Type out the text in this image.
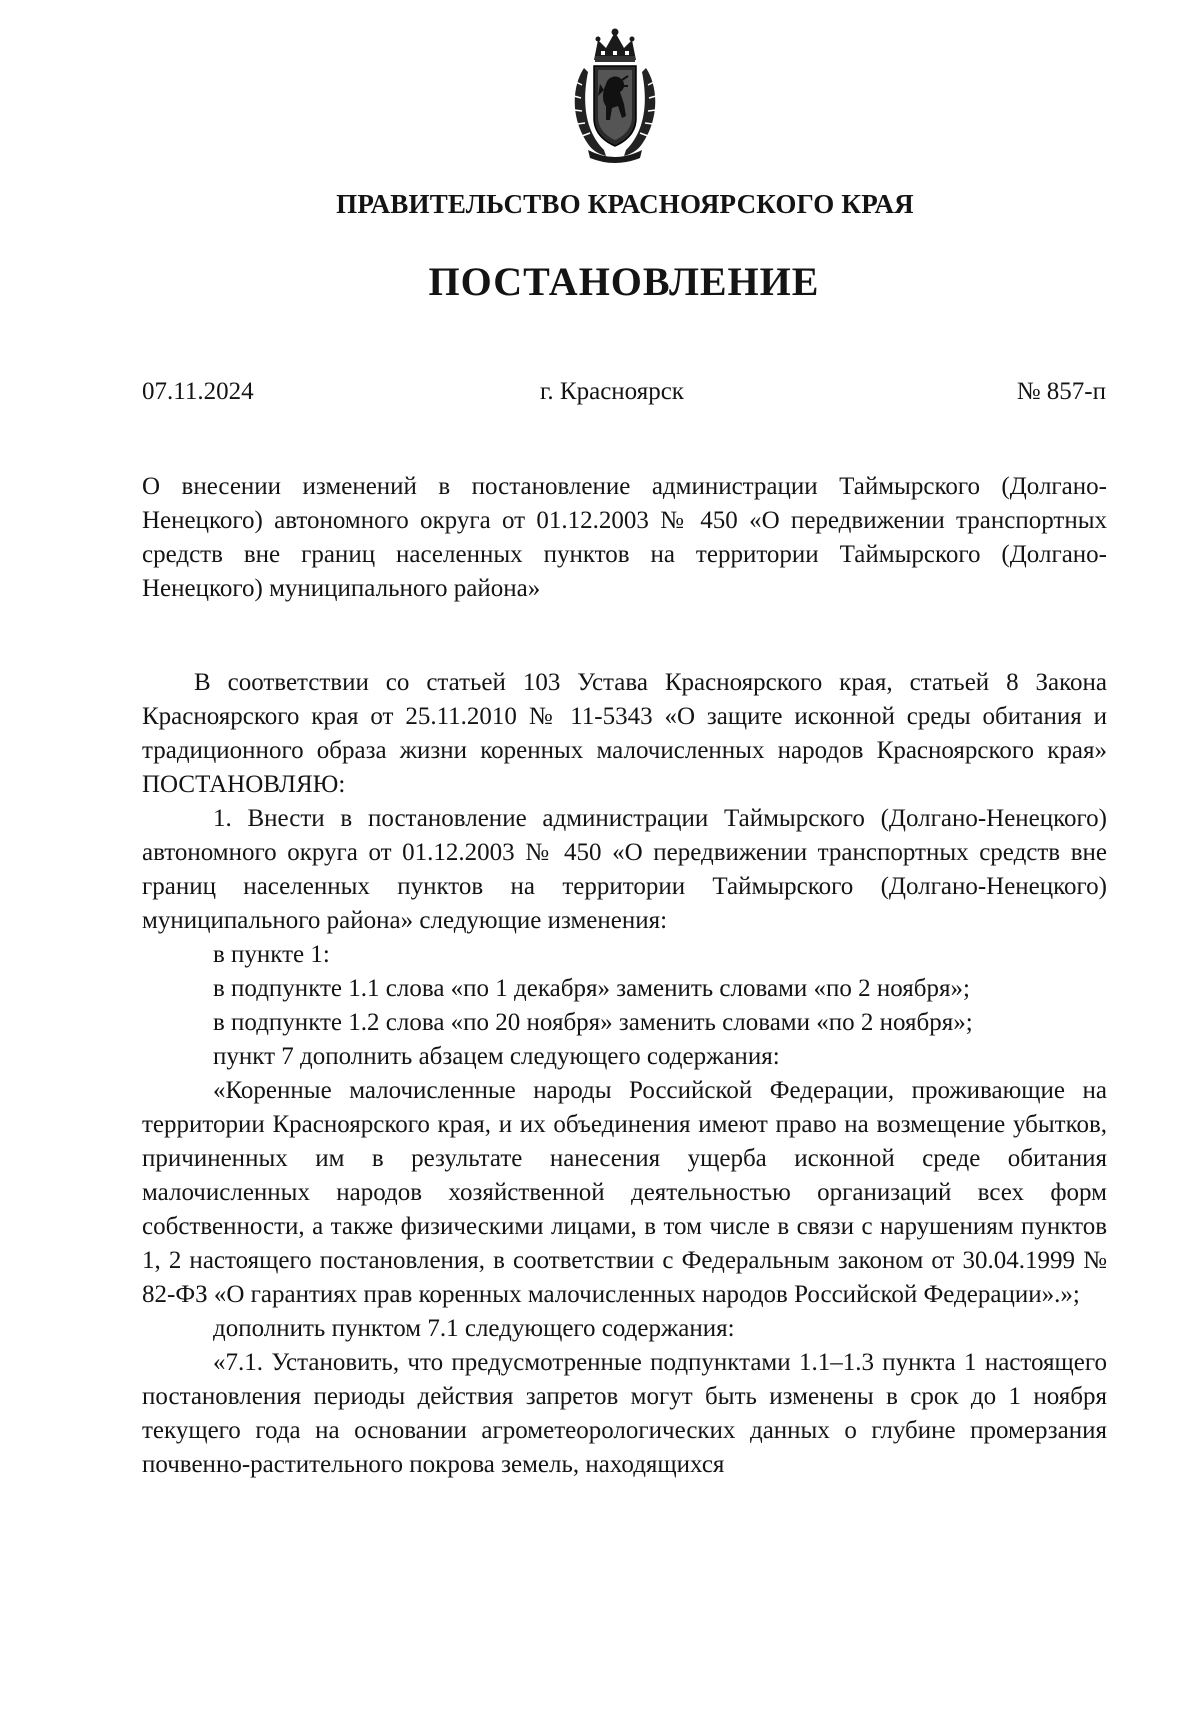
ПРАВИТЕЛЬСТВО КРАСНОЯРСКОГО КРАЯ
ПОСТАНОВЛЕНИЕ
07.11.2024	г. Красноярск	№ 857-п

О внесении изменений в постановление администрации Таймырского (Долгано-Ненецкого) автономного округа от 01.12.2003 № 450 «О передвижении транспортных средств вне границ населенных пунктов на территории Таймырского (Долгано-Ненецкого) муниципального района»

В соответствии со статьей 103 Устава Красноярского края, статьей 8 Закона Красноярского края от 25.11.2010 № 11-5343 «О защите исконной среды обитания и традиционного образа жизни коренных малочисленных народов Красноярского края» ПОСТАНОВЛЯЮ:

1. Внести в постановление администрации Таймырского (Долгано-Ненецкого) автономного округа от 01.12.2003 № 450 «О передвижении транспортных средств вне границ населенных пунктов на территории Таймырского (Долгано-Ненецкого) муниципального района» следующие изменения:

в пункте 1:

в подпункте 1.1 слова «по 1 декабря» заменить словами «по 2 ноября»;

в подпункте 1.2 слова «по 20 ноября» заменить словами «по 2 ноября»;

пункт 7 дополнить абзацем следующего содержания:

«Коренные малочисленные народы Российской Федерации, проживающие на территории Красноярского края, и их объединения имеют право на возмещение убытков, причиненных им в результате нанесения ущерба исконной среде обитания малочисленных народов хозяйственной деятельностью организаций всех форм собственности, а также физическими лицами, в том числе в связи с нарушениям пунктов 1, 2 настоящего постановления, в соответствии с Федеральным законом от 30.04.1999 № 82-ФЗ «О гарантиях прав коренных малочисленных народов Российской Федерации».»;

дополнить пунктом 7.1 следующего содержания:

«7.1. Установить, что предусмотренные подпунктами 1.1–1.3 пункта 1 настоящего постановления периоды действия запретов могут быть изменены в срок до 1 ноября текущего года на основании агрометеорологических данных о глубине промерзания почвенно-растительного покрова земель, находящихся
